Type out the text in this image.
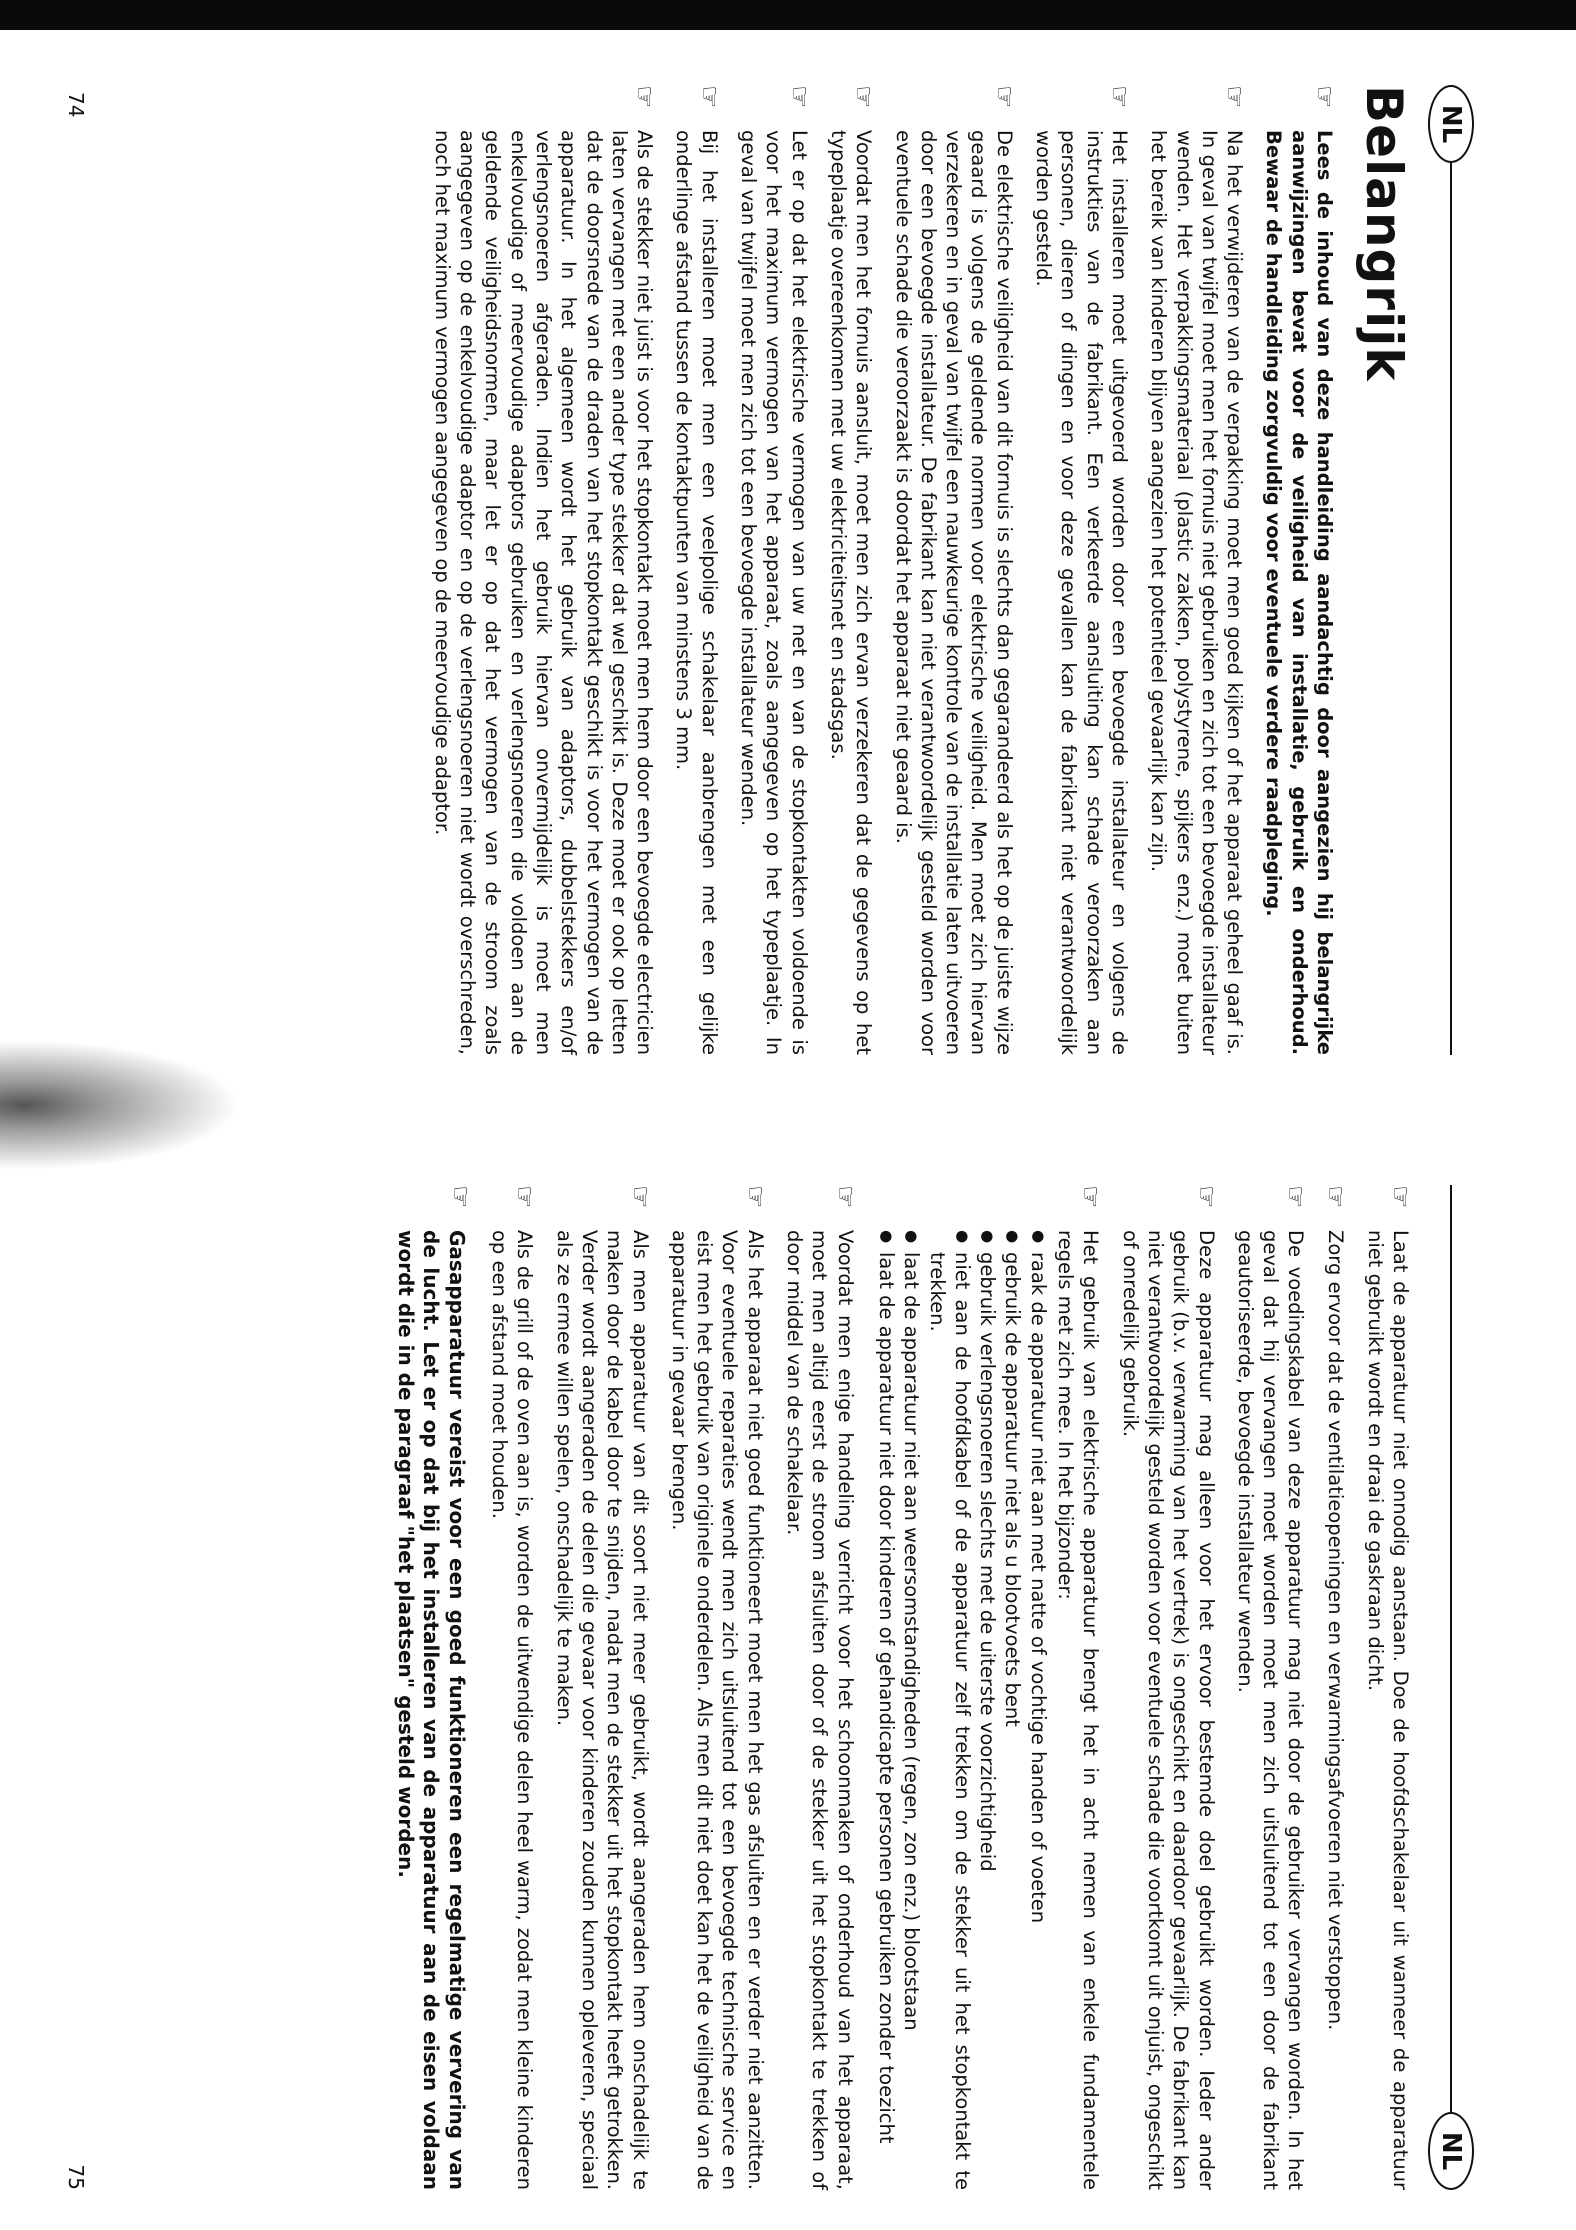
NL
Belangrijk
☞
Lees de inhoud van deze handleiding aandachtig door aangezien hij belangrijke aanwijzingen bevat voor de veiligheid van installatie, gebruik en onderhoud. Bewaar de handleiding zorgvuldig voor eventuele verdere raadpleging.
☞
Na het verwijderen van de verpakking moet men goed kijken of het apparaat geheel gaaf is. In geval van twijfel moet men het fornuis niet gebruiken en zich tot een bevoegde installateur wenden. Het verpakkingsmateriaal (plastic zakken, polystyrene, spijkers enz.) moet buiten het bereik van kinderen blijven aangezien het potentieel gevaarlijk kan zijn.
☞
Het installeren moet uitgevoerd worden door een bevoegde installateur en volgens de instrukties van de fabrikant. Een verkeerde aansluiting kan schade veroorzaken aan personen, dieren of dingen en voor deze gevallen kan de fabrikant niet verantwoordelijk worden gesteld.
☞
De elektrische veiligheid van dit fornuis is slechts dan gegarandeerd als het op de juiste wijze geaard is volgens de geldende normen voor elektrische veiligheid. Men moet zich hiervan verzekeren en in geval van twijfel een nauwkeurige kontrole van de installatie laten uitvoeren door een bevoegde installateur. De fabrikant kan niet verantwoordelijk gesteld worden voor eventuele schade die veroorzaakt is doordat het apparaat niet geaard is.
☞
Voordat men het fornuis aansluit, moet men zich ervan verzekeren dat de gegevens op het typeplaatje overeenkomen met uw elektriciteitsnet en stadsgas.
☞
Let er op dat het elektrische vermogen van uw net en van de stopkontakten voldoende is voor het maximum vermogen van het apparaat, zoals aangegeven op het typeplaatje. In geval van twijfel moet men zich tot een bevoegde installateur wenden.
☞
Bij het installeren moet men een veelpolige schakelaar aanbrengen met een gelijke onderlinge afstand tussen de kontaktpunten van minstens 3 mm.
☞
Als de stekker niet juist is voor het stopkontakt moet men hem door een bevoegde electricien laten vervangen met een ander type stekker dat wel geschikt is. Deze moet er ook op letten dat de doorsnede van de draden van het stopkontakt geschikt is voor het vermogen van de apparatuur. In het algemeen wordt het gebruik van adaptors, dubbelstekkers en/of verlengsnoeren afgeraden. Indien het gebruik hiervan onvermijdelijk is moet men enkelvoudige of meervoudige adaptors gebruiken en verlengsnoeren die voldoen aan de geldende veiligheidsnormen, maar let er op dat het vermogen van de stroom zoals aangegeven op de enkelvoudige adaptor en op de verlengsnoeren niet wordt overschreden, noch het maximum vermogen aangegeven op de meervoudige adaptor.
74
NL
☞
Laat de apparatuur niet onnodig aanstaan. Doe de hoofdschakelaar uit wanneer de apparatuur niet gebruikt wordt en draai de gaskraan dicht.
☞
Zorg ervoor dat de ventilatieopeningen en verwarmingsafvoeren niet verstoppen.
☞
De voedingskabel van deze apparatuur mag niet door de gebruiker vervangen worden. In het geval dat hij vervangen moet worden moet men zich uitsluitend tot een door de fabrikant geautoriseerde, bevoegde installateur wenden.
☞
Deze apparatuur mag alleen voor het ervoor bestemde doel gebruikt worden. Ieder ander gebruik (b.v. verwarming van het vertrek) is ongeschikt en daardoor gevaarlijk. De fabrikant kan niet verantwoordelijk gesteld worden voor eventuele schade die voortkomt uit onjuist, ongeschikt of onredelijk gebruik.
☞
Het gebruik van elektrische apparatuur brengt het in acht nemen van enkele fundamentele regels met zich mee. In het bijzonder:
● raak de apparatuur niet aan met natte of vochtige handen of voeten
● gebruik de apparatuur niet als u blootvoets bent
● gebruik verlengsnoeren slechts met de uiterste voorzichtigheid
● niet aan de hoofdkabel of de apparatuur zelf trekken om de stekker uit het stopkontakt te trekken.
● laat de apparatuur niet aan weersomstandigheden (regen, zon enz.) blootstaan
● laat de apparatuur niet door kinderen of gehandicapte personen gebruiken zonder toezicht
☞
Voordat men enige handeling verricht voor het schoonmaken of onderhoud van het apparaat, moet men altijd eerst de stroom afsluiten door of de stekker uit het stopkontakt te trekken of door middel van de schakelaar.
☞
Als het apparaat niet goed funktioneert moet men het gas afsluiten en er verder niet aanzitten. Voor eventuele reparaties wendt men zich uitsluitend tot een bevoegde technische service en eist men het gebruik van originele onderdelen. Als men dit niet doet kan het de veiligheid van de apparatuur in gevaar brengen.
☞
Als men apparatuur van dit soort niet meer gebruikt, wordt aangeraden hem onschadelijk te maken door de kabel door te snijden, nadat men de stekker uit het stopkontakt heeft getrokken. Verder wordt aangeraden de delen die gevaar voor kinderen zouden kunnen opleveren, speciaal als ze ermee willen spelen, onschadelijk te maken.
☞
Als de grill of de oven aan is, worden de uitwendige delen heel warm, zodat men kleine kinderen op een afstand moet houden.
☞
Gasapparatuur vereist voor een goed funktioneren een regelmatige ververing van de lucht. Let er op dat bij het installeren van de apparatuur aan de eisen voldaan wordt die in de paragraaf "het plaatsen" gesteld worden.
75
